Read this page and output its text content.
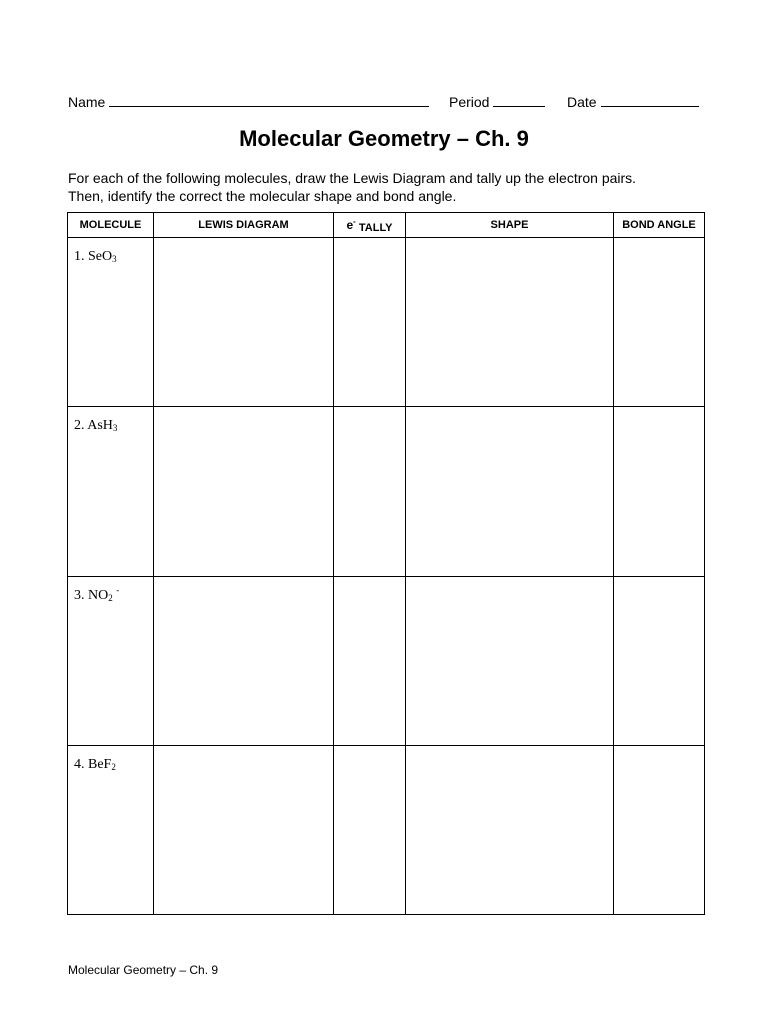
Name	Period	Date
Molecular Geometry – Ch. 9
For each of the following molecules, draw the Lewis Diagram and tally up the electron pairs.
Then, identify the correct the molecular shape and bond angle.
MOLECULE	LEWIS DIAGRAM	e- TALLY	SHAPE	BOND ANGLE

1. SeO$_3$

2. AsH$_3$

3. $NO_2$ -

4. BeF$_2$

Molecular Geometry – Ch. 9
